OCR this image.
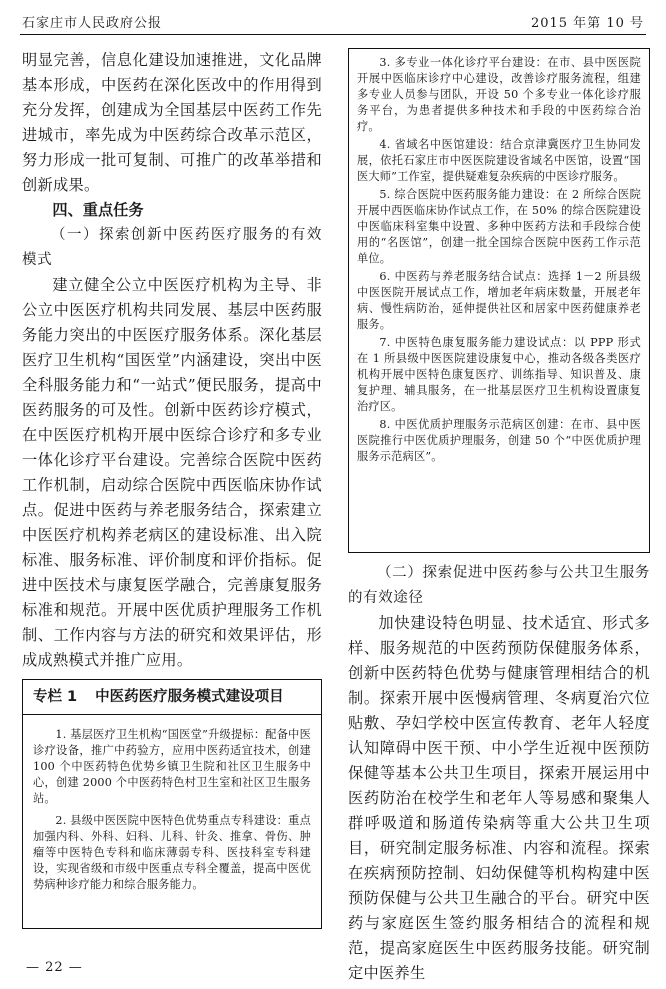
石家庄市人民政府公报	2015 年第 10 号

明显完善，信息化建设加速推进，文化品牌基本形成，中医药在深化医改中的作用得到充分发挥，创建成为全国基层中医药工作先进城市，率先成为中医药综合改革示范区，努力形成一批可复制、可推广的改革举措和创新成果。

四、重点任务

（一）探索创新中医药医疗服务的有效模式

建立健全公立中医医疗机构为主导、非公立中医医疗机构共同发展、基层中医药服务能力突出的中医医疗服务体系。深化基层医疗卫生机构“国医堂”内涵建设，突出中医全科服务能力和“一站式”便民服务，提高中医药服务的可及性。创新中医药诊疗模式，在中医医疗机构开展中医综合诊疗和多专业一体化诊疗平台建设。完善综合医院中医药工作机制，启动综合医院中西医临床协作试点。促进中医药与养老服务结合，探索建立中医医疗机构养老病区的建设标准、出入院标准、服务标准、评价制度和评价指标。促进中医技术与康复医学融合，完善康复服务标准和规范。开展中医优质护理服务工作机制、工作内容与方法的研究和效果评估，形成成熟模式并推广应用。

专栏 1 中医药医疗服务模式建设项目

1. 基层医疗卫生机构“国医堂”升级提标：配备中医诊疗设备，推广中药验方，应用中医药适宜技术，创建 100 个中医药特色优势乡镇卫生院和社区卫生服务中心，创建 2000 个中医药特色村卫生室和社区卫生服务站。

2. 县级中医医院中医特色优势重点专科建设：重点加强内科、外科、妇科、儿科、针灸、推拿、骨伤、肿瘤等中医特色专科和临床薄弱专科、医技科室专科建设，实现省级和市级中医重点专科全覆盖，提高中医优势病种诊疗能力和综合服务能力。

3. 多专业一体化诊疗平台建设：在市、县中医医院开展中医临床诊疗中心建设，改善诊疗服务流程，组建多专业人员参与团队，开设 50 个多专业一体化诊疗服务平台，为患者提供多种技术和手段的中医药综合治疗。

4. 省域名中医馆建设：结合京津冀医疗卫生协同发展，依托石家庄市中医医院建设省域名中医馆，设置“国医大师”工作室，提供疑难复杂疾病的中医诊疗服务。

5. 综合医院中医药服务能力建设：在 2 所综合医院开展中西医临床协作试点工作，在 50% 的综合医院建设中医临床科室集中设置、多种中医药方法和手段综合使用的“名医馆”，创建一批全国综合医院中医药工作示范单位。

6. 中医药与养老服务结合试点：选择 1－2 所县级中医医院开展试点工作，增加老年病床数量，开展老年病、慢性病防治，延伸提供社区和居家中医药健康养老服务。

7. 中医特色康复服务能力建设试点：以 PPP 形式在 1 所县级中医医院建设康复中心，推动各级各类医疗机构开展中医特色康复医疗、训练指导、知识普及、康复护理、辅具服务，在一批基层医疗卫生机构设置康复治疗区。

8. 中医优质护理服务示范病区创建：在市、县中医医院推行中医优质护理服务，创建 50 个“中医优质护理服务示范病区”。

（二）探索促进中医药参与公共卫生服务的有效途径

加快建设特色明显、技术适宜、形式多样、服务规范的中医药预防保健服务体系，创新中医药特色优势与健康管理相结合的机制。探索开展中医慢病管理、冬病夏治穴位贴敷、孕妇学校中医宣传教育、老年人轻度认知障碍中医干预、中小学生近视中医预防保健等基本公共卫生项目，探索开展运用中医药防治在校学生和老年人等易感和聚集人群呼吸道和肠道传染病等重大公共卫生项目，研究制定服务标准、内容和流程。探索在疾病预防控制、妇幼保健等机构构建中医预防保健与公共卫生融合的平台。研究中医药与家庭医生签约服务相结合的流程和规范，提高家庭医生中医药服务技能。研究制定中医养生

— 22 —
